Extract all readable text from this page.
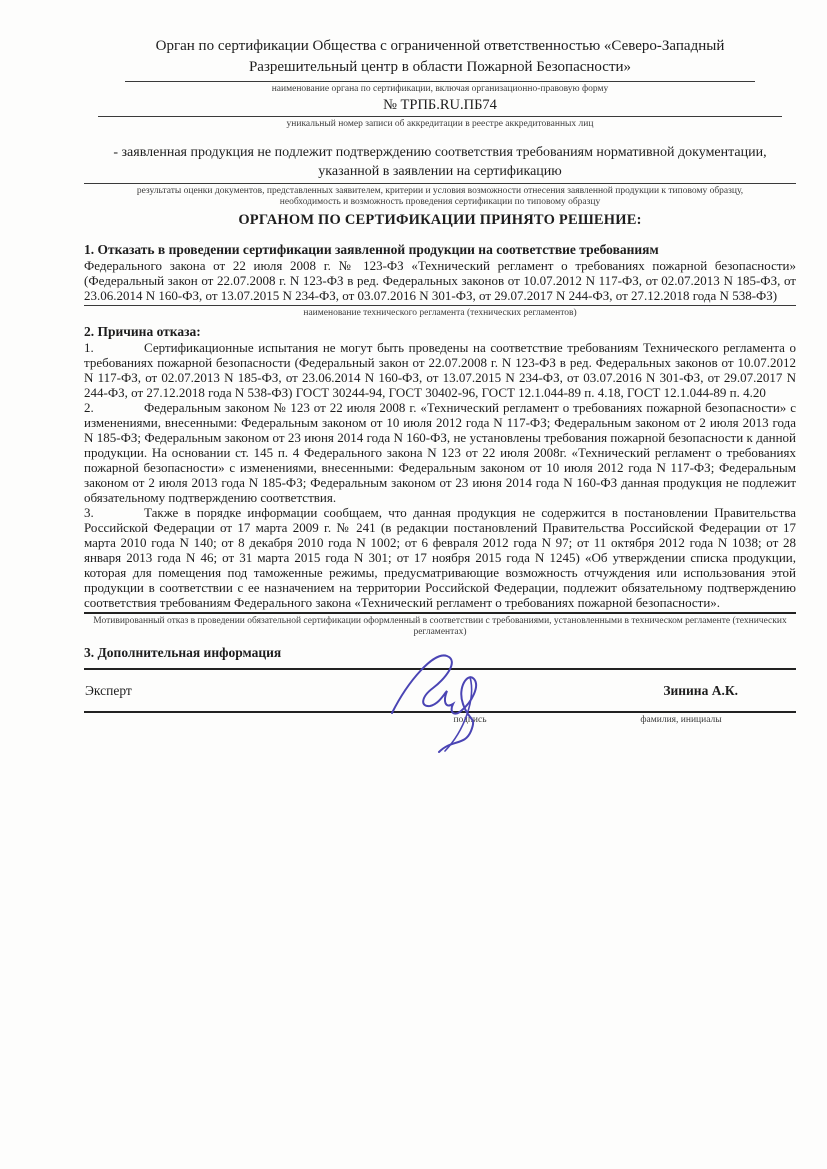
Орган по сертификации Общества с ограниченной ответственностью «Северо-Западный Разрешительный центр в области Пожарной Безопасности»
наименование органа по сертификации, включая организационно-правовую форму
№ ТРПБ.RU.ПБ74
уникальный номер записи об аккредитации в реестре аккредитованных лиц
- заявленная продукция не подлежит подтверждению соответствия требованиям нормативной документации, указанной в заявлении на сертификацию
результаты оценки документов, представленных заявителем, критерии и условия возможности отнесения заявленной продукции к типовому образцу, необходимость и возможность проведения сертификации по типовому образцу
ОРГАНОМ ПО СЕРТИФИКАЦИИ ПРИНЯТО РЕШЕНИЕ:
1. Отказать в проведении сертификации заявленной продукции на соответствие требованиям
Федерального закона от 22 июля 2008 г. № 123-ФЗ «Технический регламент о требованиях пожарной безопасности» (Федеральный закон от 22.07.2008 г. N 123-ФЗ в ред. Федеральных законов от 10.07.2012 N 117-ФЗ, от 02.07.2013 N 185-ФЗ, от 23.06.2014 N 160-ФЗ, от 13.07.2015 N 234-ФЗ, от 03.07.2016 N 301-ФЗ, от 29.07.2017 N 244-ФЗ, от 27.12.2018 года N 538-ФЗ)
наименование технического регламента (технических регламентов)
2. Причина отказа:

1.	Сертификационные испытания не могут быть проведены на соответствие требованиям Технического регламента о требованиях пожарной безопасности (Федеральный закон от 22.07.2008 г. N 123-ФЗ в ред. Федеральных законов от 10.07.2012 N 117-ФЗ, от 02.07.2013 N 185-ФЗ, от 23.06.2014 N 160-ФЗ, от 13.07.2015 N 234-ФЗ, от 03.07.2016 N 301-ФЗ, от 29.07.2017 N 244-ФЗ, от 27.12.2018 года N 538-ФЗ) ГОСТ 30244-94, ГОСТ 30402-96, ГОСТ 12.1.044-89 п. 4.18, ГОСТ 12.1.044-89 п. 4.20

2.	Федеральным законом № 123 от 22 июля 2008 г. «Технический регламент о требованиях пожарной безопасности» с изменениями, внесенными: Федеральным законом от 10 июля 2012 года N 117-ФЗ; Федеральным законом от 2 июля 2013 года N 185-ФЗ; Федеральным законом от 23 июня 2014 года N 160-ФЗ, не установлены требования пожарной безопасности к данной продукции. На основании ст. 145 п. 4 Федерального закона N 123 от 22 июля 2008г. «Технический регламент о требованиях пожарной безопасности» с изменениями, внесенными: Федеральным законом от 10 июля 2012 года N 117-ФЗ; Федеральным законом от 2 июля 2013 года N 185-ФЗ; Федеральным законом от 23 июня 2014 года N 160-ФЗ данная продукция не подлежит обязательному подтверждению соответствия.

3.	Также в порядке информации сообщаем, что данная продукция не содержится в постановлении Правительства Российской Федерации от 17 марта 2009 г. № 241 (в редакции постановлений Правительства Российской Федерации от 17 марта 2010 года N 140; от 8 декабря 2010 года N 1002; от 6 февраля 2012 года N 97; от 11 октября 2012 года N 1038; от 28 января 2013 года N 46; от 31 марта 2015 года N 301; от 17 ноября 2015 года N 1245) «Об утверждении списка продукции, которая для помещения под таможенные режимы, предусматривающие возможность отчуждения или использования этой продукции в соответствии с ее назначением на территории Российской Федерации, подлежит обязательному подтверждению соответствия требованиям Федерального закона «Технический регламент о требованиях пожарной безопасности».

Мотивированный отказ в проведении обязательной сертификации оформленный в соответствии с требованиями, установленными в техническом регламенте (технических регламентах)
3. Дополнительная информация
Эксперт	Зинина А.К.
подпись	фамилия, инициалы
